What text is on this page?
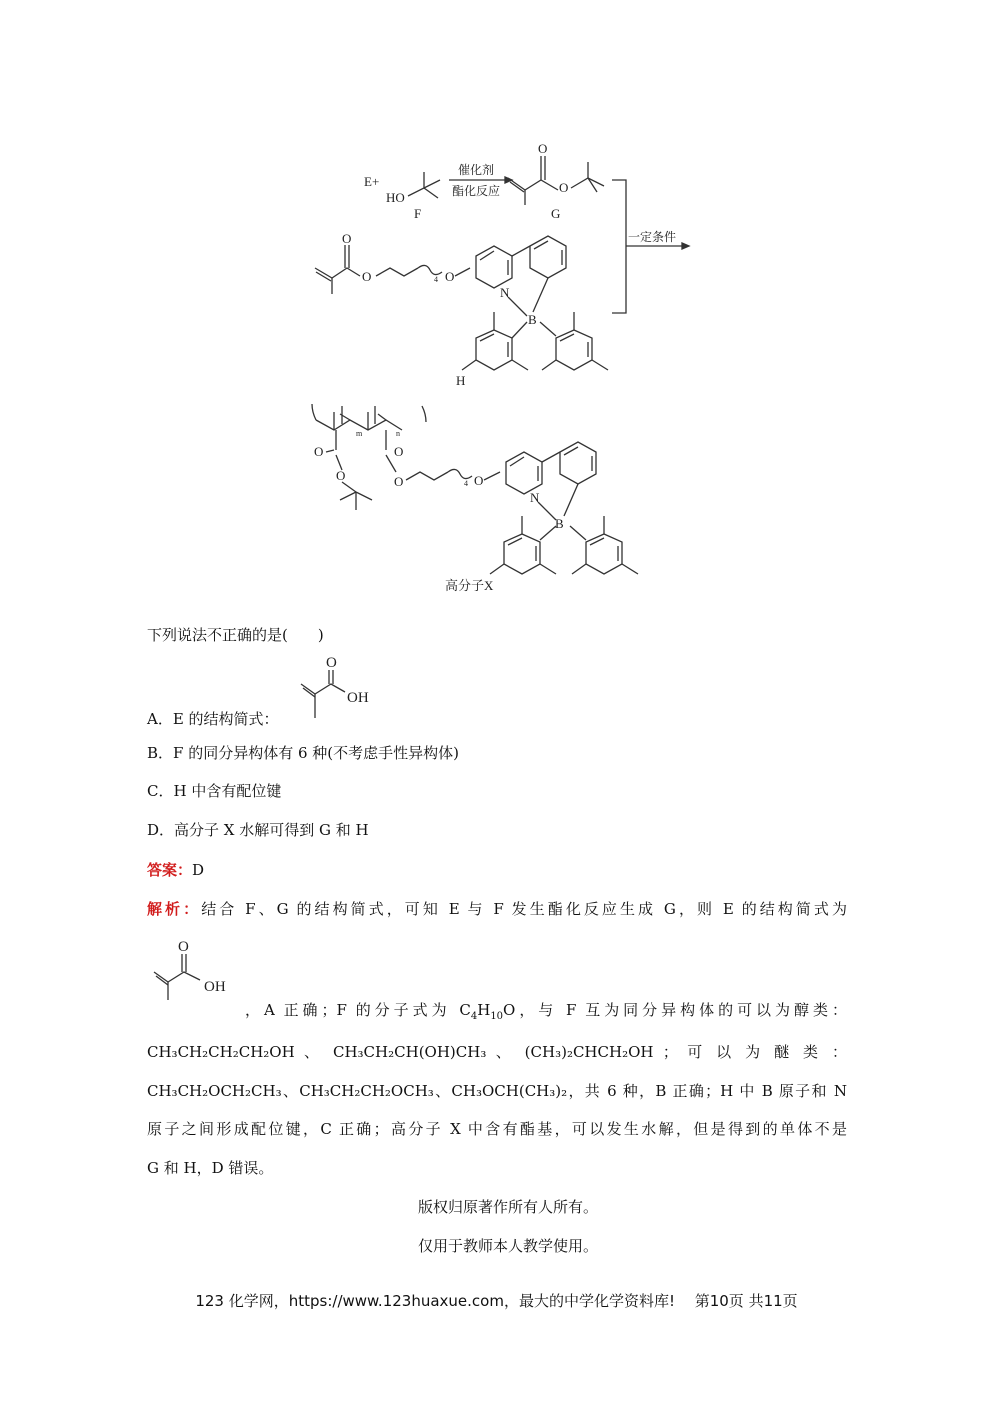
E+
HO
F
催化剂
酯化反应
O
O
G
一定条件
O
O	4 O
N
B
H
m	n
O
O
O
O	4 O
N
B
高分子X
下列说法不正确的是(　　)
O
OH
A．E 的结构简式：
B．F 的同分异构体有 6 种(不考虑手性异构体)
C．H 中含有配位键
D．高分子 X 水解可得到 G 和 H
答案：D
解析：结合 F、G 的结构简式，可知 E 与 F 发生酯化反应生成 G，则 E 的结构简式为
O
OH
，A 正确；F 的分子式为 $C_4H_{10}O$，与 F 互为同分异构体的可以为醇类：
CH₃CH₂CH₂CH₂OH 、 CH₃CH₂CH(OH)CH₃ 、 (CH₃)₂CHCH₂OH ； 可 以 为 醚 类 ：
CH₃CH₂OCH₂CH₃、CH₃CH₂CH₂OCH₃、CH₃OCH(CH₃)₂，共 6 种，B 正确；H 中 B 原子和 N
原子之间形成配位键，C 正确；高分子 X 中含有酯基，可以发生水解，但是得到的单体不是
G 和 H，D 错误。
版权归原著作所有人所有。
仅用于教师本人教学使用。
123 化学网，https://www.123huaxue.com，最大的中学化学资料库!　 第10页 共11页
